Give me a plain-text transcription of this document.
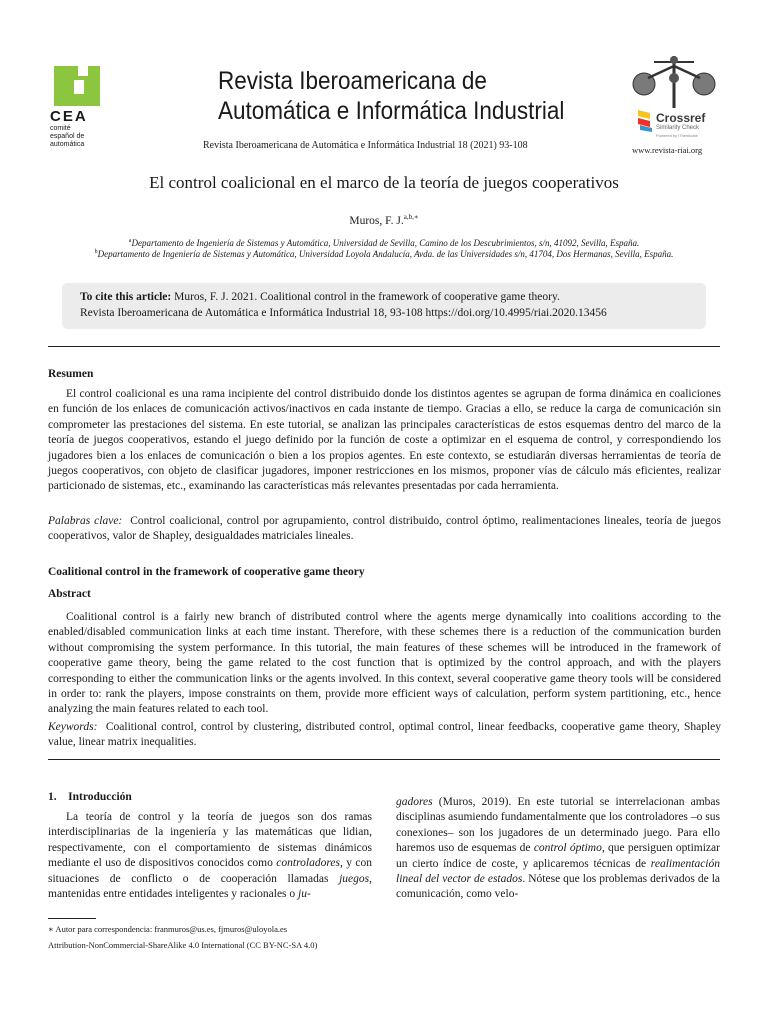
CEA
comité
español de
automática
Revista Iberoamericana de
Automática e Informática Industrial
Revista Iberoamericana de Automática e Informática Industrial 18 (2021) 93-108
Crossref
Similarity Check
Powered by iThenticate
www.revista-riai.org
El control coalicional en el marco de la teoría de juegos cooperativos
Muros, F. J.$^{a,b,∗}$
$^a$Departamento de Ingeniería de Sistemas y Automática, Universidad de Sevilla, Camino de los Descubrimientos, s/n, 41092, Sevilla, España.
$^b$Departamento de Ingeniería de Sistemas y Automática, Universidad Loyola Andalucía, Avda. de las Universidades s/n, 41704, Dos Hermanas, Sevilla, España.
To cite this article: Muros, F. J. 2021. Coalitional control in the framework of cooperative game theory.
Revista Iberoamericana de Automática e Informática Industrial 18, 93-108 https://doi.org/10.4995/riai.2020.13456
Resumen
El control coalicional es una rama incipiente del control distribuido donde los distintos agentes se agrupan de forma dinámica en coaliciones en función de los enlaces de comunicación activos/inactivos en cada instante de tiempo. Gracias a ello, se reduce la carga de comunicación sin comprometer las prestaciones del sistema. En este tutorial, se analizan las principales características de estos esquemas dentro del marco de la teoría de juegos cooperativos, estando el juego definido por la función de coste a optimizar en el esquema de control, y correspondiendo los jugadores bien a los enlaces de comunicación o bien a los propios agentes. En este contexto, se estudiarán diversas herramientas de teoría de juegos cooperativos, con objeto de clasificar jugadores, imponer restricciones en los mismos, proponer vías de cálculo más eficientes, realizar particionado de sistemas, etc., examinando las características más relevantes presentadas por cada herramienta.
Palabras clave: Control coalicional, control por agrupamiento, control distribuido, control óptimo, realimentaciones lineales, teoría de juegos cooperativos, valor de Shapley, desigualdades matriciales lineales.
Coalitional control in the framework of cooperative game theory
Abstract
Coalitional control is a fairly new branch of distributed control where the agents merge dynamically into coalitions according to the enabled/disabled communication links at each time instant. Therefore, with these schemes there is a reduction of the communication burden without compromising the system performance. In this tutorial, the main features of these schemes will be introduced in the framework of cooperative game theory, being the game related to the cost function that is optimized by the control approach, and with the players corresponding to either the communication links or the agents involved. In this context, several cooperative game theory tools will be considered in order to: rank the players, impose constraints on them, provide more efficient ways of calculation, perform system partitioning, etc., hence analyzing the main features related to each tool.
Keywords: Coalitional control, control by clustering, distributed control, optimal control, linear feedbacks, cooperative game theory, Shapley value, linear matrix inequalities.
1.    Introducción
La teoría de control y la teoría de juegos son dos ramas interdisciplinarias de la ingeniería y las matemáticas que lidian, respectivamente, con el comportamiento de sistemas dinámicos mediante el uso de dispositivos conocidos como controladores, y con situaciones de conflicto o de cooperación llamadas juegos, mantenidas entre entidades inteligentes y racionales o ju-
gadores (Muros, 2019). En este tutorial se interrelacionan ambas disciplinas asumiendo fundamentalmente que los controladores –o sus conexiones– son los jugadores de un determinado juego. Para ello haremos uso de esquemas de control óptimo, que persiguen optimizar un cierto índice de coste, y aplicaremos técnicas de realimentación lineal del vector de estados. Nótese que los problemas derivados de la comunicación, como velo-
∗ Autor para correspondencia: franmuros@us.es, fjmuros@uloyola.es
Attribution-NonCommercial-ShareAlike 4.0 International (CC BY-NC-SA 4.0)
